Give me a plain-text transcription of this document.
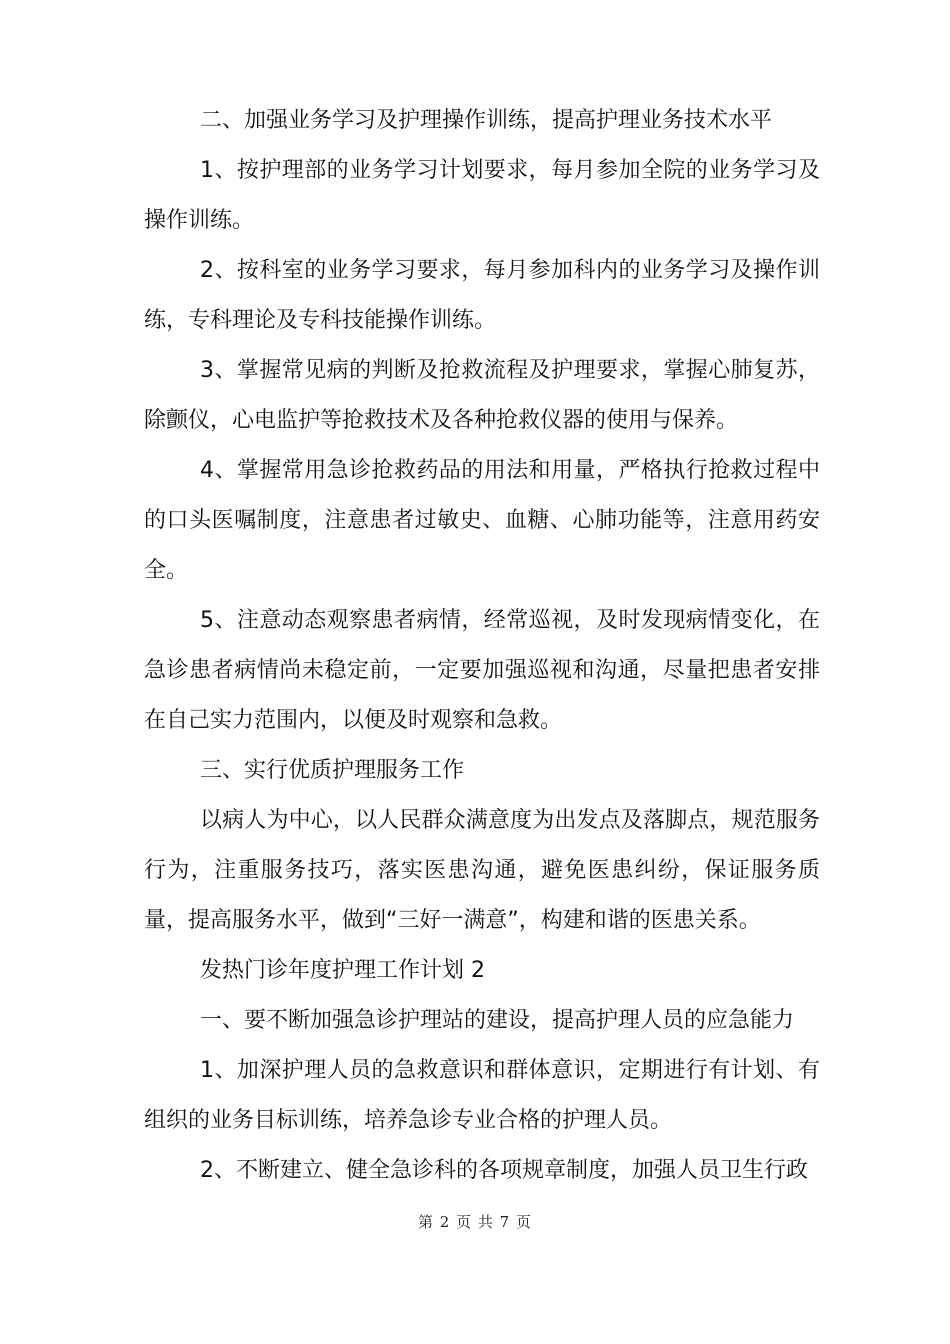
二、加强业务学习及护理操作训练，提高护理业务技术水平

1、按护理部的业务学习计划要求，每月参加全院的业务学习及操作训练。

2、按科室的业务学习要求，每月参加科内的业务学习及操作训练，专科理论及专科技能操作训练。

3、掌握常见病的判断及抢救流程及护理要求，掌握心肺复苏，除颤仪，心电监护等抢救技术及各种抢救仪器的使用与保养。

4、掌握常用急诊抢救药品的用法和用量，严格执行抢救过程中的口头医嘱制度，注意患者过敏史、血糖、心肺功能等，注意用药安全。

5、注意动态观察患者病情，经常巡视，及时发现病情变化，在急诊患者病情尚未稳定前，一定要加强巡视和沟通，尽量把患者安排在自己实力范围内，以便及时观察和急救。

三、实行优质护理服务工作

以病人为中心，以人民群众满意度为出发点及落脚点，规范服务行为，注重服务技巧，落实医患沟通，避免医患纠纷，保证服务质量，提高服务水平，做到“三好一满意”，构建和谐的医患关系。

发热门诊年度护理工作计划 2

一、要不断加强急诊护理站的建设，提高护理人员的应急能力

1、加深护理人员的急救意识和群体意识，定期进行有计划、有组织的业务目标训练，培养急诊专业合格的护理人员。

2、不断建立、健全急诊科的各项规章制度，加强人员卫生行政

第 2 页 共 7 页
